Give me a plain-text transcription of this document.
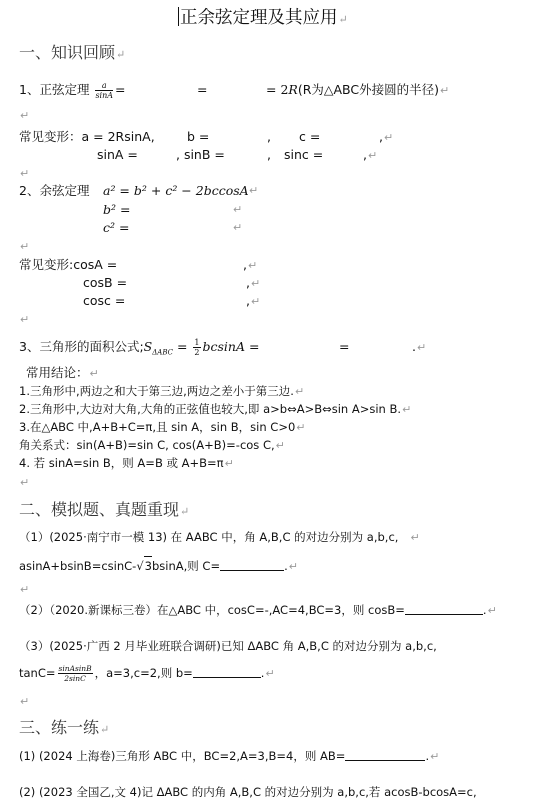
正余弦定理及其应用↵
一、知识回顾↵
1、正弦定理 $\frac{a}{\sin A}$ =	=	= 2R(R为△ABC外接圆的半径)↵
↵
常见变形：a = 2RsinA,	b =	, c =	,↵
sinA =	, sinB =	, sinc =	,↵
↵
2、余弦定理 a² = b² + c² − 2bccosA ↵
b² =	↵
c² =	↵
↵
常见变形:cosA =	,↵
cosB =	,↵
cosc =	,↵
↵
3、三角形的面积公式$;S_{\Delta ABC} = \frac{1}{2}$ bcsinA =	=	.↵
常用结论：↵
1.三角形中,两边之和大于第三边,两边之差小于第三边.↵
2.三角形中,大边对大角,大角的正弦值也较大,即 a>b⇔A>B⇔sin A>sin B.↵
3.在△ABC 中,A+B+C=π,且 sin A，sin B，sin C>0↵
角关系式：sin(A+B)=sin C, cos(A+B)=-cos C,↵
4. 若 sinA=sin B，则 A=B 或 A+B=π↵
↵
二、模拟题、真题重现↵
（1）(2025·南宁市一模 13) 在 AABC 中，角 A,B,C 的对边分别为 a,b,c, ↵
asinA+bsinB=csinC-√3bsinA,则 C=	.↵
↵
（2）（2020.新课标三卷）在△ABC 中，cosC=-,AC=4,BC=3，则 cosB=	.↵
（3）(2025·广西 2 月毕业班联合调研)已知 ΔABC 角 A,B,C 的对边分别为 a,b,c,
$\tan C= \frac{\text{sinAsinB}}{2\sin C}$ ，a=3,c=2,则 b=	.↵
↵
三、练一练↵
(1) (2024 上海卷)三角形 ABC 中，BC=2,A=3,B=4，则 AB=	.↵
(2) (2023 全国乙,文 4)记 ΔABC 的内角 A,B,C 的对边分别为 a,b,c,若 acosB-bcosA=c,
